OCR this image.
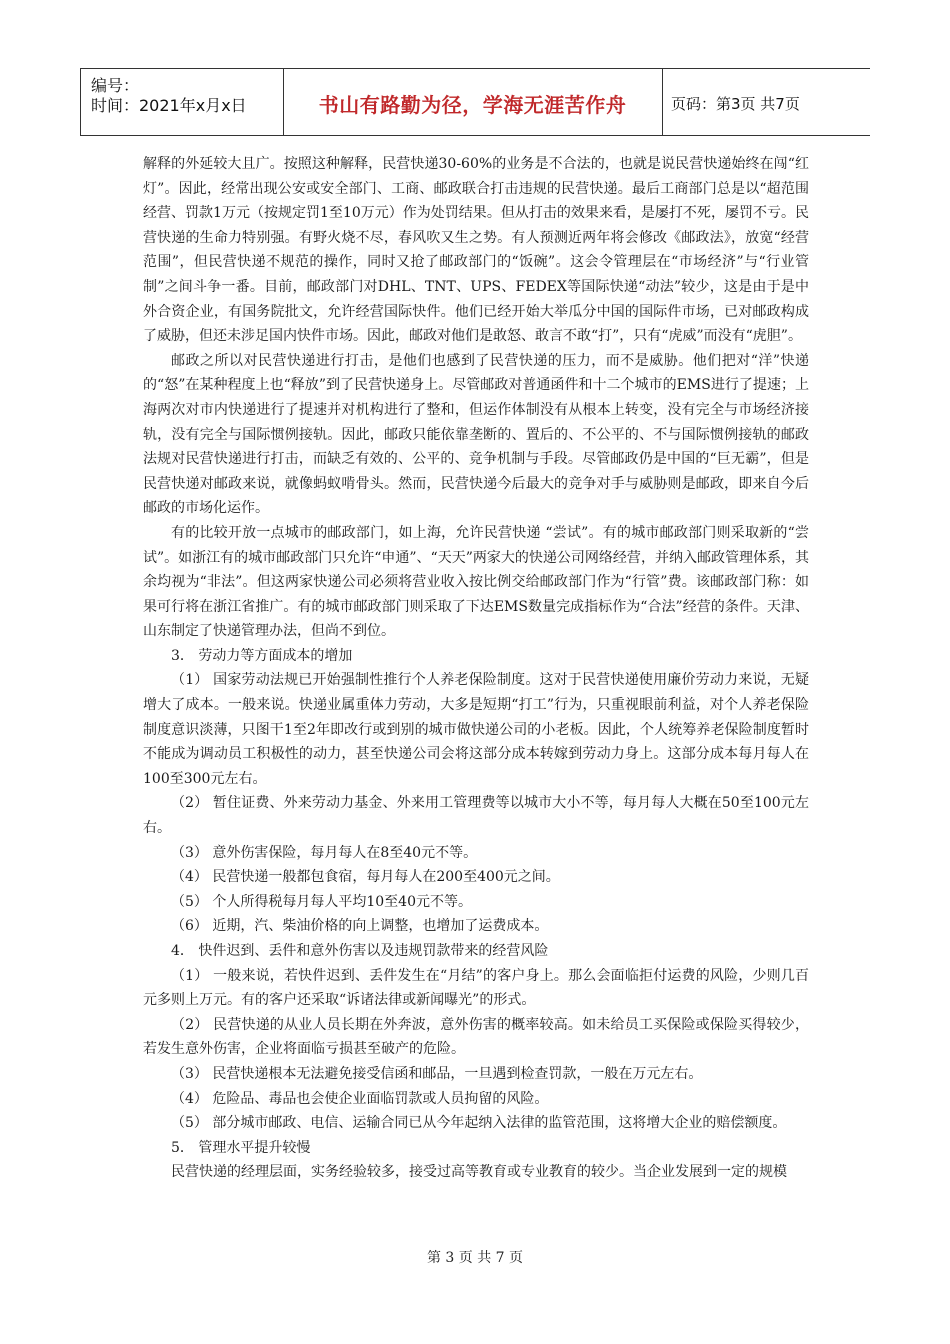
编号：
时间：2021年x月x日	书山有路勤为径，学海无涯苦作舟	页码：第3页 共7页

解释的外延较大且广。按照这种解释，民营快递30-60%的业务是不合法的，也就是说民营快递始终在闯“红灯”。因此，经常出现公安或安全部门、工商、邮政联合打击违规的民营快递。最后工商部门总是以“超范围经营、罚款1万元（按规定罚1至10万元）作为处罚结果。但从打击的效果来看，是屡打不死，屡罚不亏。民营快递的生命力特别强。有野火烧不尽，春风吹又生之势。有人预测近两年将会修改《邮政法》，放宽“经营范围”，但民营快递不规范的操作，同时又抢了邮政部门的“饭碗”。这会令管理层在“市场经济”与“行业管制”之间斗争一番。目前，邮政部门对DHL、TNT、UPS、FEDEX等国际快递“动法”较少，这是由于是中外合资企业，有国务院批文，允许经营国际快件。他们已经开始大举瓜分中国的国际件市场，已对邮政构成了威胁，但还未涉足国内快件市场。因此，邮政对他们是敢怒、敢言不敢“打”，只有“虎威”而没有“虎胆”。

邮政之所以对民营快递进行打击，是他们也感到了民营快递的压力，而不是威胁。他们把对“洋”快递的“怒”在某种程度上也“释放”到了民营快递身上。尽管邮政对普通函件和十二个城市的EMS进行了提速；上海两次对市内快递进行了提速并对机构进行了整和，但运作体制没有从根本上转变，没有完全与市场经济接轨，没有完全与国际惯例接轨。因此，邮政只能依靠垄断的、置后的、不公平的、不与国际惯例接轨的邮政法规对民营快递进行打击，而缺乏有效的、公平的、竞争机制与手段。尽管邮政仍是中国的“巨无霸”，但是民营快递对邮政来说，就像蚂蚁啃骨头。然而，民营快递今后最大的竞争对手与威胁则是邮政，即来自今后邮政的市场化运作。

有的比较开放一点城市的邮政部门，如上海，允许民营快递 “尝试”。有的城市邮政部门则采取新的“尝试”。如浙江有的城市邮政部门只允许“申通”、“天天”两家大的快递公司网络经营，并纳入邮政管理体系，其余均视为“非法”。但这两家快递公司必须将营业收入按比例交给邮政部门作为“行管”费。该邮政部门称：如果可行将在浙江省推广。有的城市邮政部门则采取了下达EMS数量完成指标作为“合法”经营的条件。天津、山东制定了快递管理办法，但尚不到位。

3． 劳动力等方面成本的增加

（1） 国家劳动法规已开始强制性推行个人养老保险制度。这对于民营快递使用廉价劳动力来说，无疑增大了成本。一般来说。快递业属重体力劳动，大多是短期“打工”行为，只重视眼前利益，对个人养老保险制度意识淡薄，只图干1至2年即改行或到别的城市做快递公司的小老板。因此，个人统筹养老保险制度暂时不能成为调动员工积极性的动力，甚至快递公司会将这部分成本转嫁到劳动力身上。这部分成本每月每人在100至300元左右。

（2） 暂住证费、外来劳动力基金、外来用工管理费等以城市大小不等，每月每人大概在50至100元左右。

（3） 意外伤害保险，每月每人在8至40元不等。

（4） 民营快递一般都包食宿，每月每人在200至400元之间。

（5） 个人所得税每月每人平均10至40元不等。

（6） 近期，汽、柴油价格的向上调整，也增加了运费成本。

4． 快件迟到、丢件和意外伤害以及违规罚款带来的经营风险

（1） 一般来说，若快件迟到、丢件发生在“月结”的客户身上。那么会面临拒付运费的风险，少则几百元多则上万元。有的客户还采取“诉诸法律或新闻曝光”的形式。

（2） 民营快递的从业人员长期在外奔波，意外伤害的概率较高。如未给员工买保险或保险买得较少，若发生意外伤害，企业将面临亏损甚至破产的危险。

（3） 民营快递根本无法避免接受信函和邮品，一旦遇到检查罚款，一般在万元左右。

（4） 危险品、毒品也会使企业面临罚款或人员拘留的风险。

（5） 部分城市邮政、电信、运输合同已从今年起纳入法律的监管范围，这将增大企业的赔偿额度。

5． 管理水平提升较慢

民营快递的经理层面，实务经验较多，接受过高等教育或专业教育的较少。当企业发展到一定的规模

第 3 页 共 7 页
